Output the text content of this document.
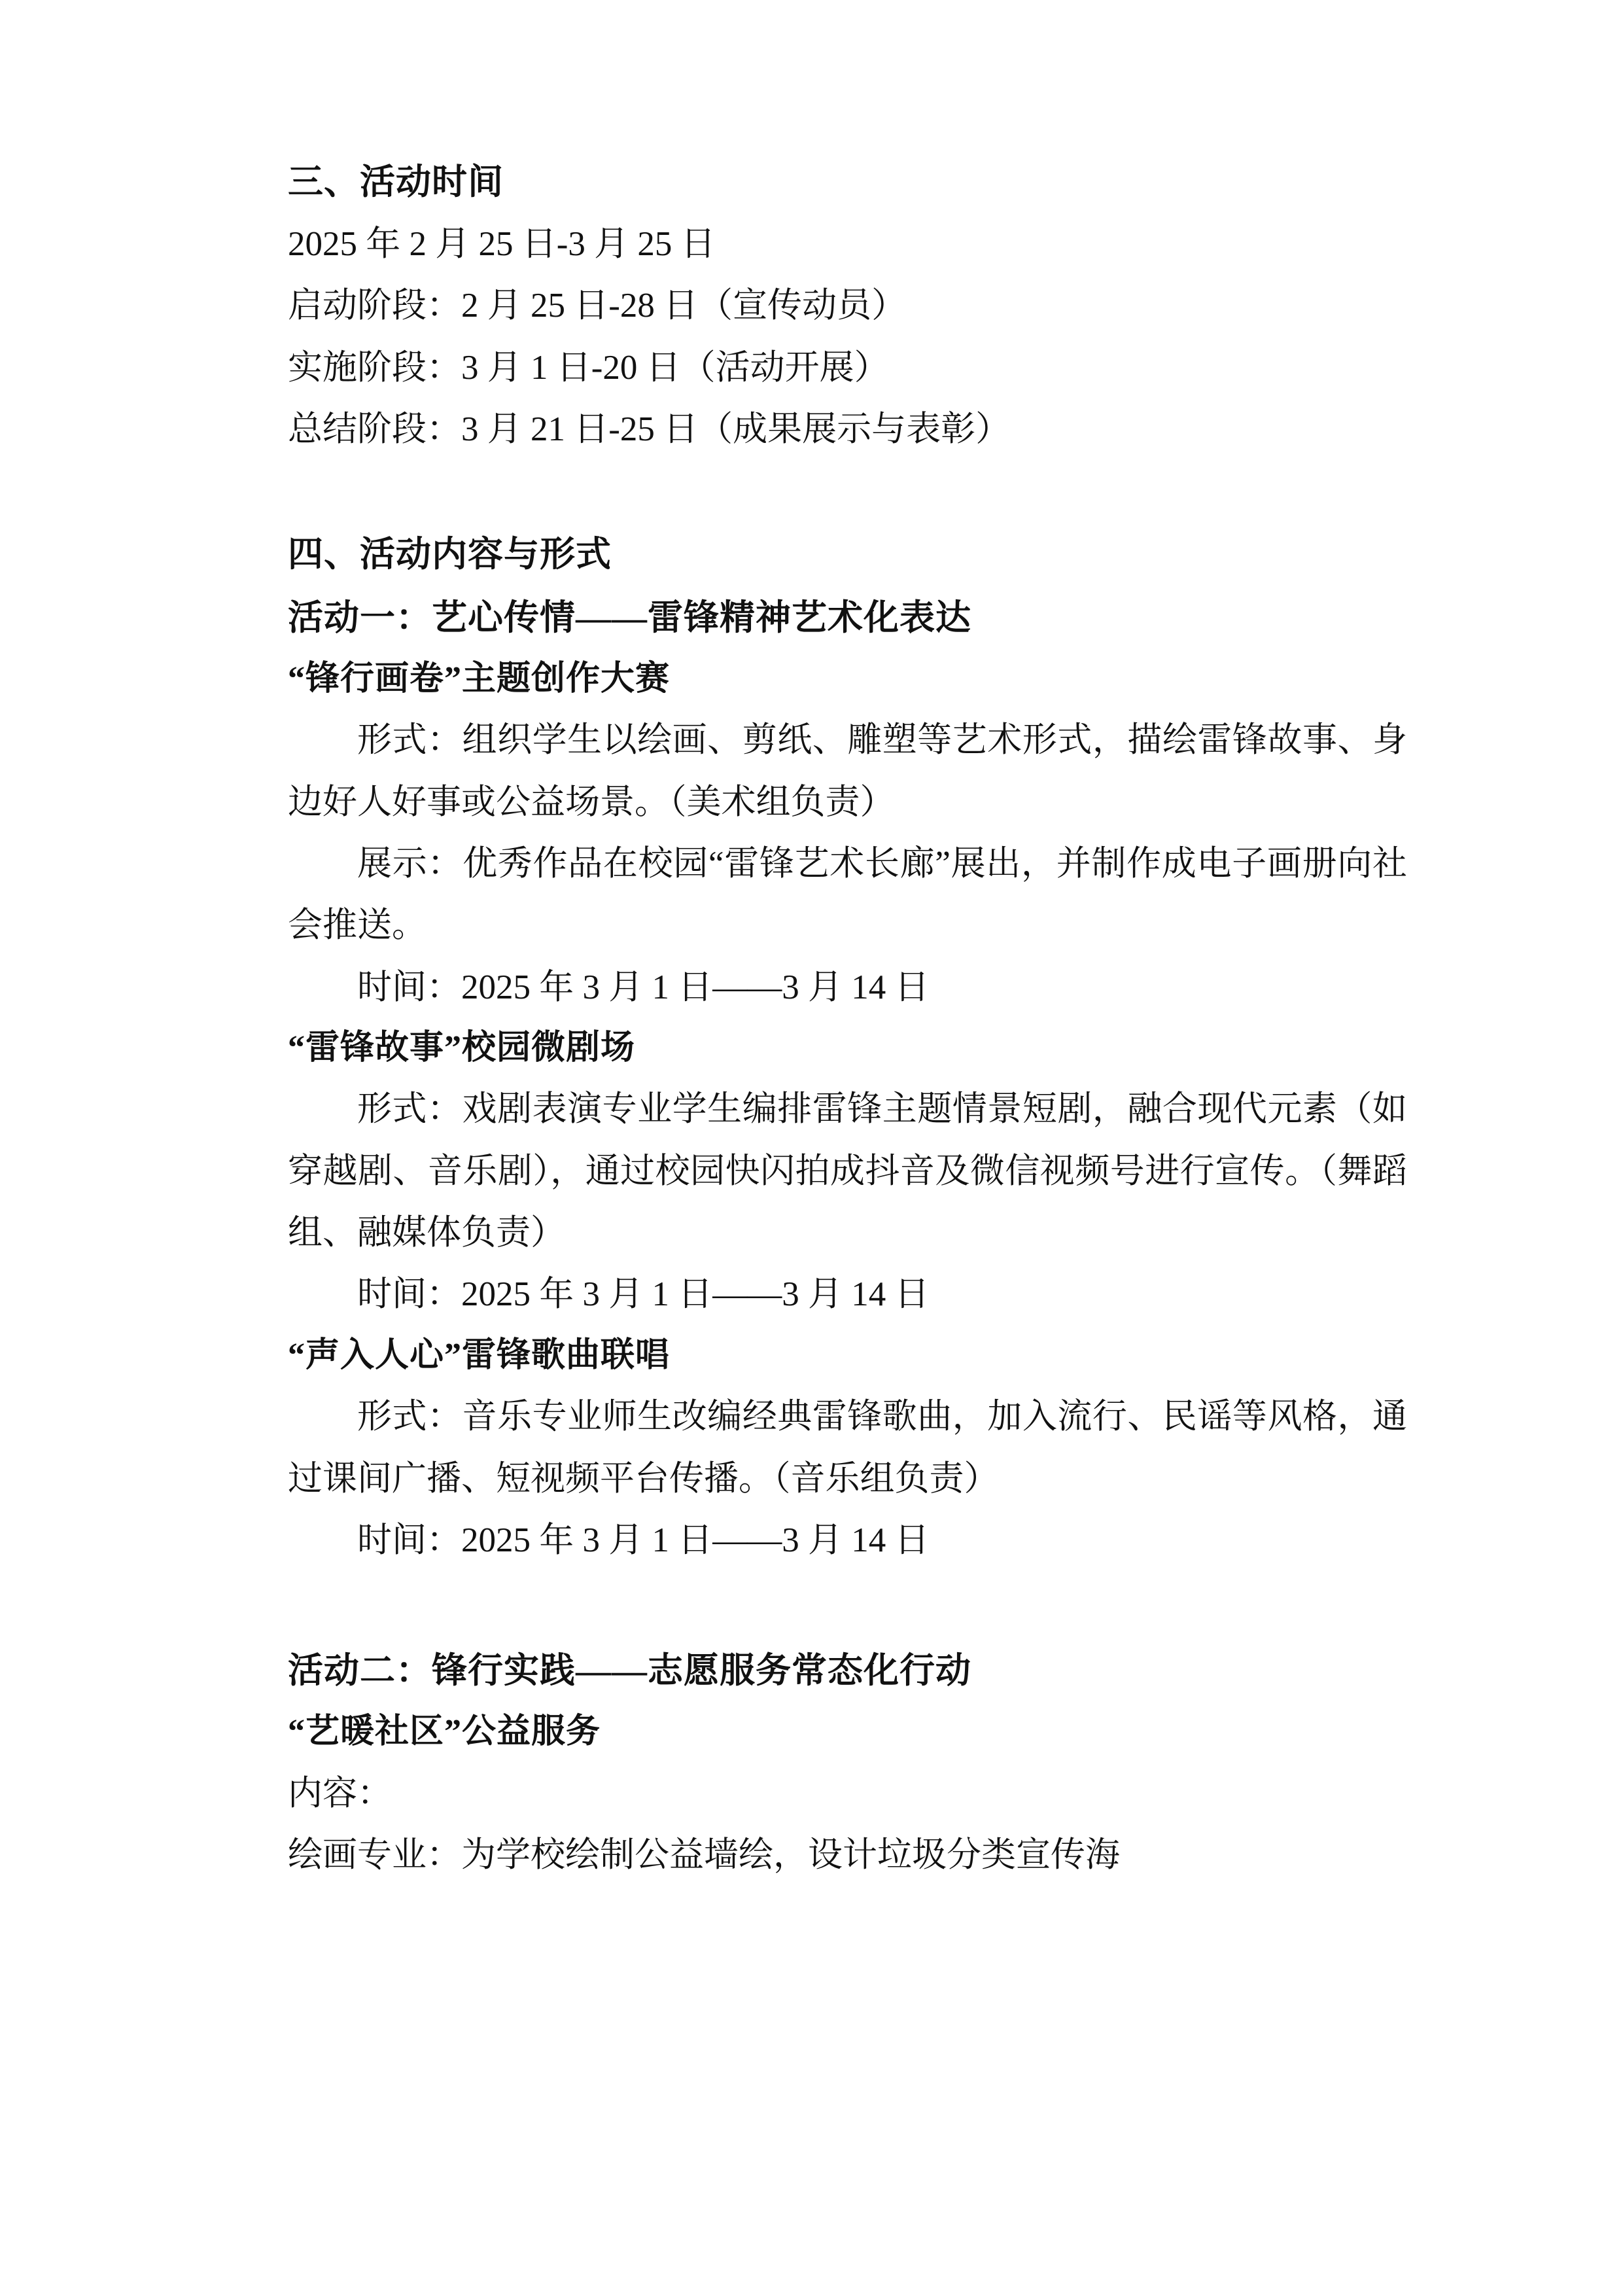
三、活动时间

2025 年 2 月 25 日-3 月 25 日

启动阶段：2 月 25 日-28 日（宣传动员）

实施阶段：3 月 1 日-20 日（活动开展）

总结阶段：3 月 21 日-25 日（成果展示与表彰）

四、活动内容与形式

活动一：艺心传情——雷锋精神艺术化表达

“锋行画卷”主题创作大赛

形式：组织学生以绘画、剪纸、雕塑等艺术形式，描绘雷锋故事、身边好人好事或公益场景。（美术组负责）

展示：优秀作品在校园“雷锋艺术长廊”展出，并制作成电子画册向社会推送。

时间：2025 年 3 月 1 日——3 月 14 日

“雷锋故事”校园微剧场

形式：戏剧表演专业学生编排雷锋主题情景短剧，融合现代元素（如穿越剧、音乐剧），通过校园快闪拍成抖音及微信视频号进行宣传。（舞蹈组、融媒体负责）

时间：2025 年 3 月 1 日——3 月 14 日

“声入人心”雷锋歌曲联唱

形式：音乐专业师生改编经典雷锋歌曲，加入流行、民谣等风格，通过课间广播、短视频平台传播。（音乐组负责）

时间：2025 年 3 月 1 日——3 月 14 日

活动二：锋行实践——志愿服务常态化行动

“艺暖社区”公益服务

内容：

绘画专业：为学校绘制公益墙绘，设计垃圾分类宣传海
